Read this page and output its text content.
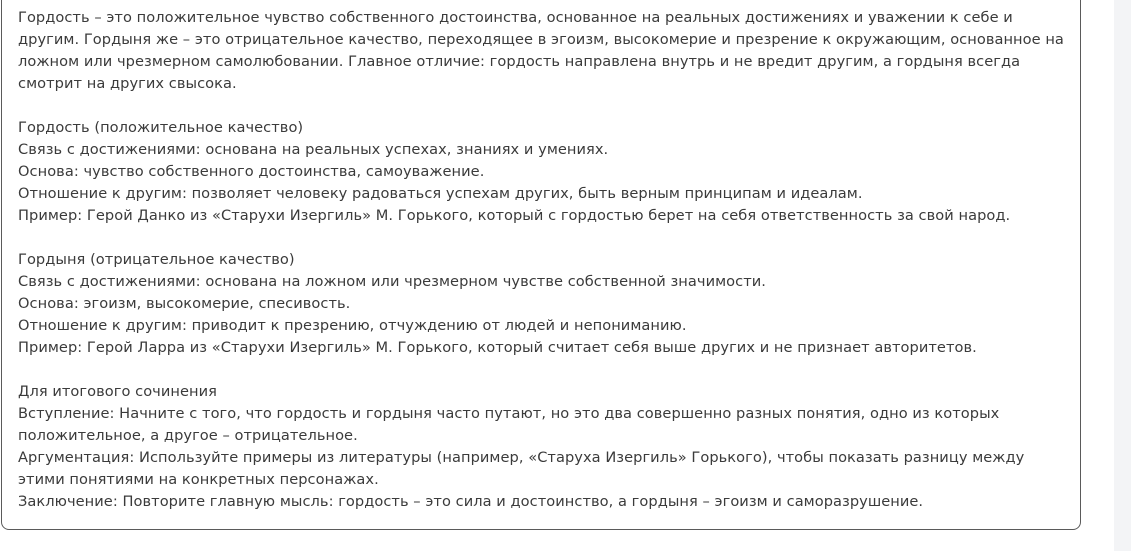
Гордость – это положительное чувство собственного достоинства, основанное на реальных достижениях и уважении к себе и

другим. Гордыня же – это отрицательное качество, переходящее в эгоизм, высокомерие и презрение к окружающим, основанное на

ложном или чрезмерном самолюбовании. Главное отличие: гордость направлена внутрь и не вредит другим, а гордыня всегда

смотрит на других свысока.

Гордость (положительное качество)

Связь с достижениями: основана на реальных успехах, знаниях и умениях.

Основа: чувство собственного достоинства, самоуважение.

Отношение к другим: позволяет человеку радоваться успехам других, быть верным принципам и идеалам.

Пример: Герой Данко из «Старухи Изергиль» М. Горького, который с гордостью берет на себя ответственность за свой народ.

Гордыня (отрицательное качество)

Связь с достижениями: основана на ложном или чрезмерном чувстве собственной значимости.

Основа: эгоизм, высокомерие, спесивость.

Отношение к другим: приводит к презрению, отчуждению от людей и непониманию.

Пример: Герой Ларра из «Старухи Изергиль» М. Горького, который считает себя выше других и не признает авторитетов.

Для итогового сочинения

Вступление: Начните с того, что гордость и гордыня часто путают, но это два совершенно разных понятия, одно из которых

положительное, а другое – отрицательное.

Аргументация: Используйте примеры из литературы (например, «Старуха Изергиль» Горького), чтобы показать разницу между

этими понятиями на конкретных персонажах.

Заключение: Повторите главную мысль: гордость – это сила и достоинство, а гордыня – эгоизм и саморазрушение.
